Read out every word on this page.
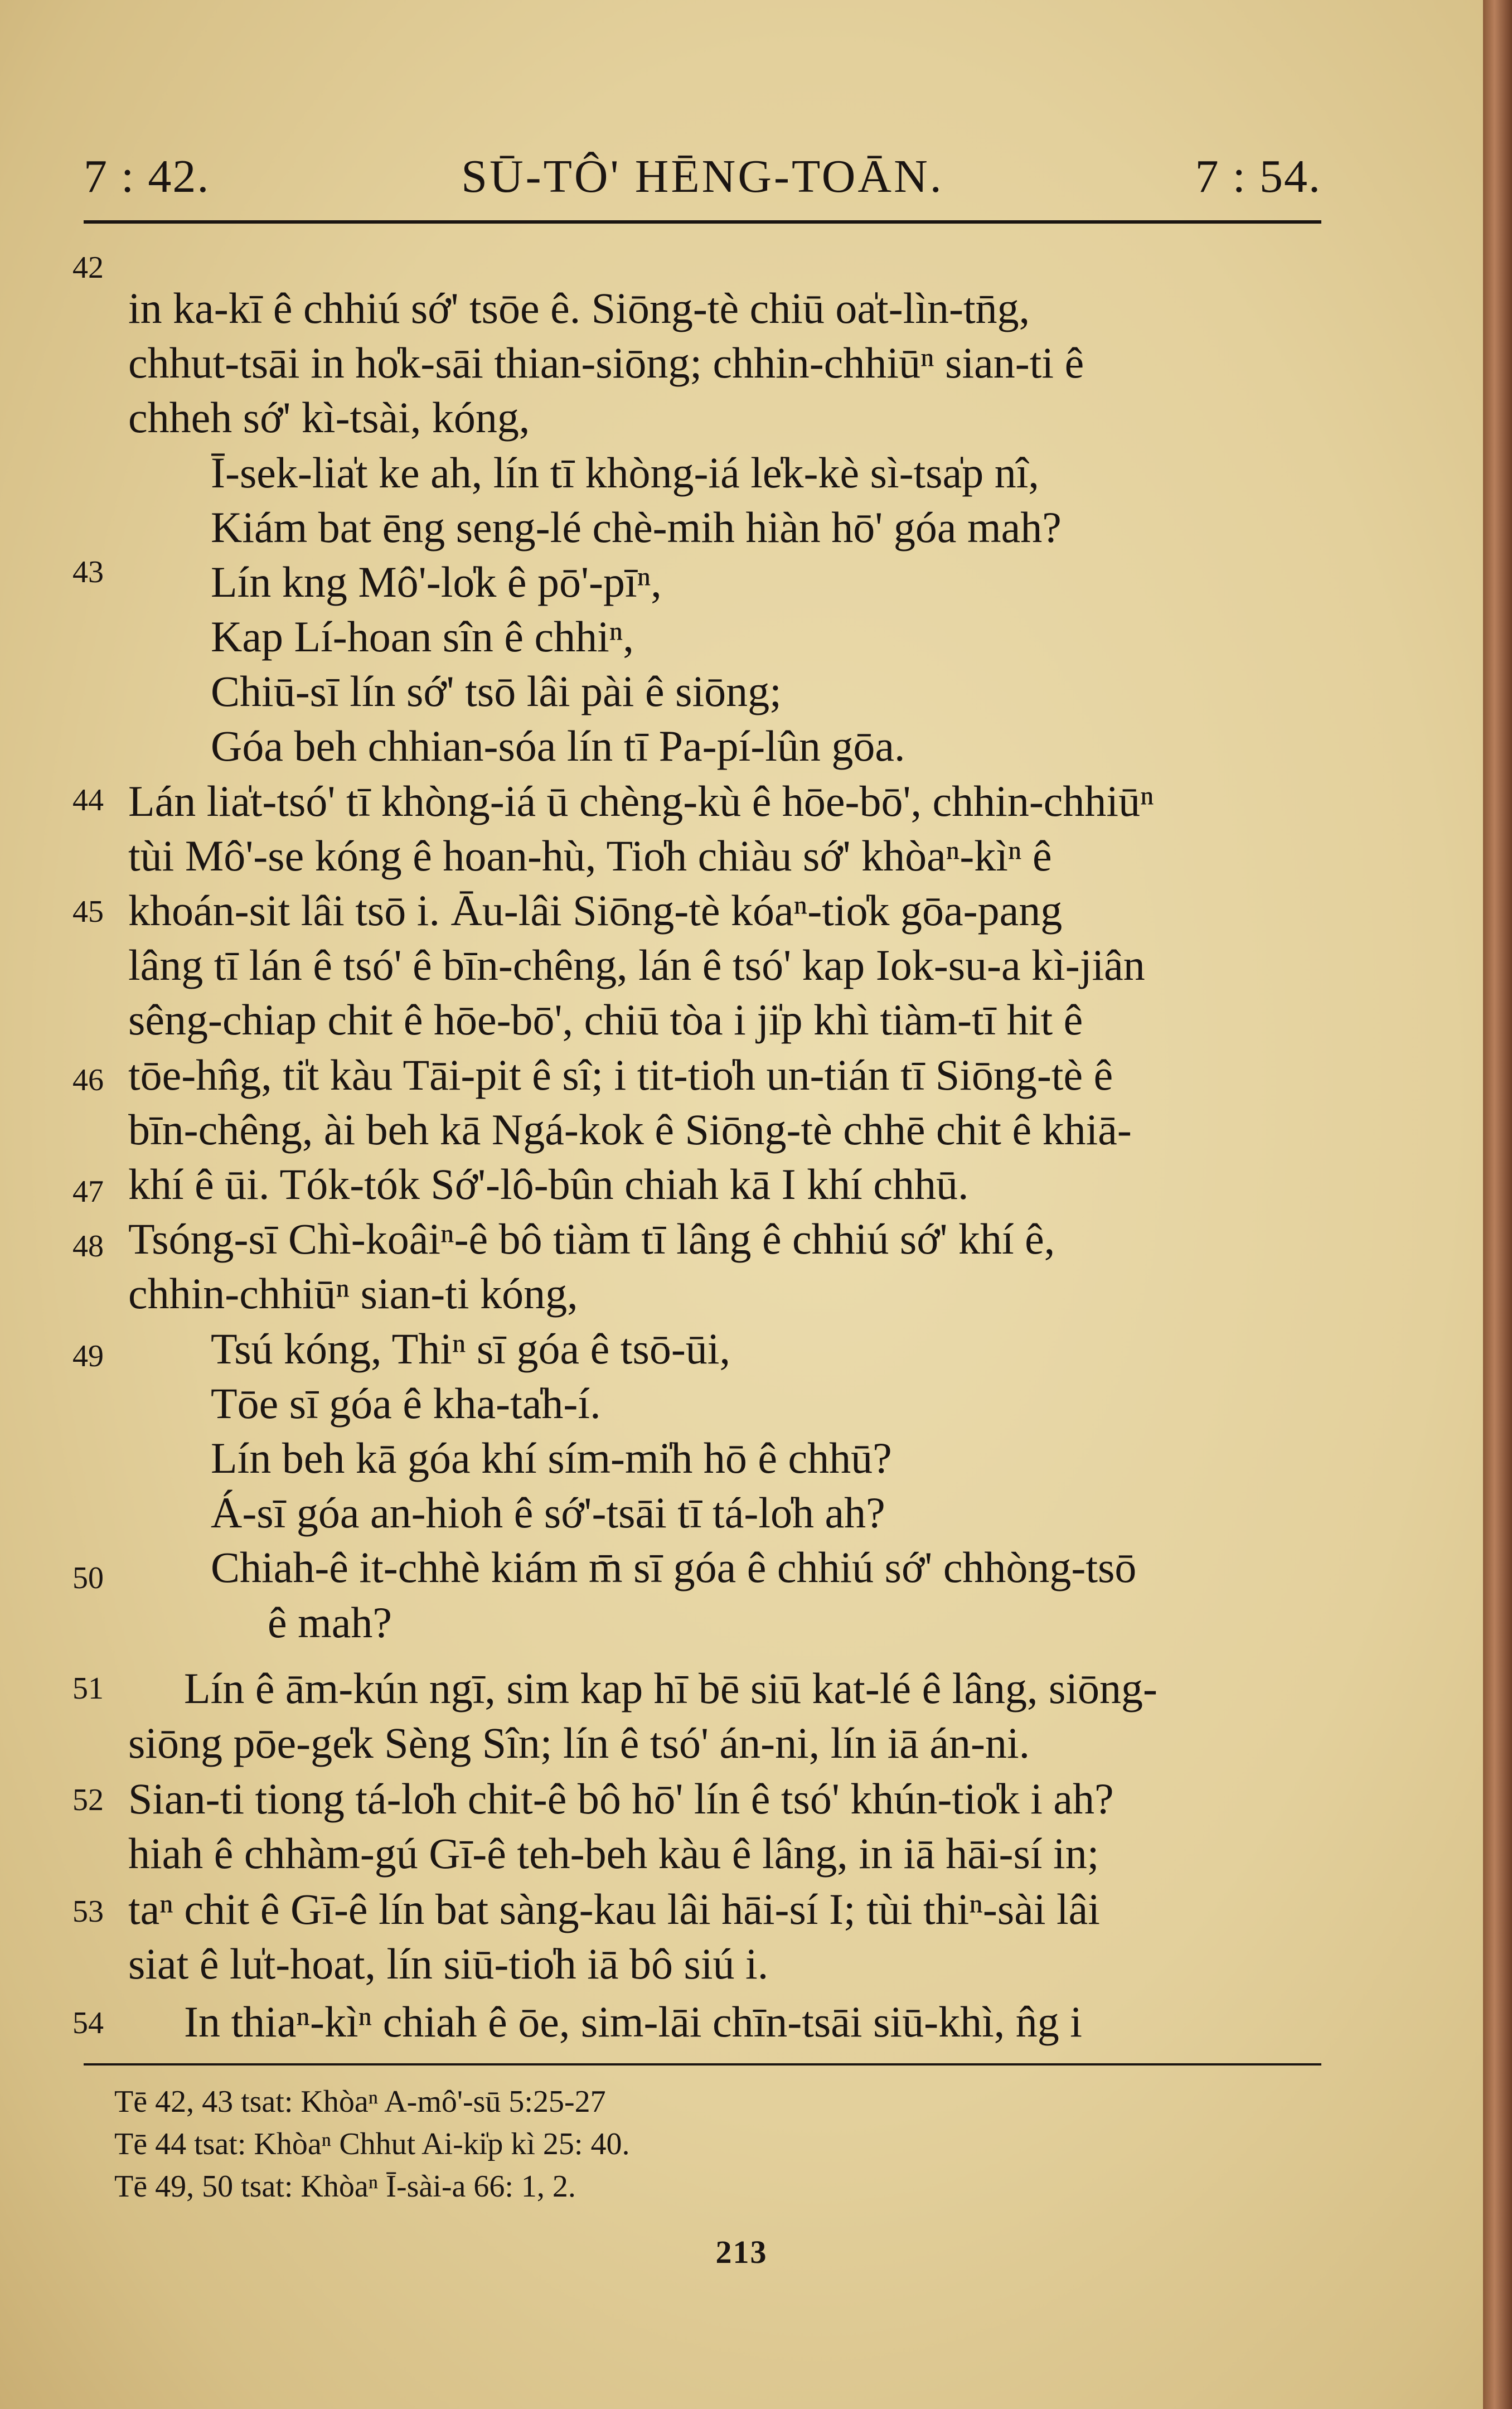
7 : 42.	SŪ-TÔ' HĒNG-TOĀN.	7 : 54.
42
43
44
45
46
47
48
49
50
51
52
53
54
in ka-kī ê chhiú sớ' tsōe ê. Siōng-tè chiū oa̍t-lìn-tn̄g,
chhut-tsāi in ho̍k-sāi thian-siōng; chhin-chhiūⁿ sian-ti ê
chheh sớ' kì-tsài, kóng,
Ī-sek-lia̍t ke ah, lín tī khòng-iá le̍k-kè sì-tsa̍p nî,
Kiám bat ēng seng-lé chè-mih hiàn hō' góa mah?
Lín kng Mô'-lo̍k ê pō'-pīⁿ,
Kap Lí-hoan sîn ê chhiⁿ,
Chiū-sī lín sớ' tsō lâi pài ê siōng;
Góa beh chhian-sóa lín tī Pa-pí-lûn gōa.
Lán lia̍t-tsó' tī khòng-iá ū chèng-kù ê hōe-bō', chhin-chhiūⁿ
tùi Mô'-se kóng ê hoan-hù, Tio̍h chiàu sớ' khòaⁿ-kìⁿ ê
khoán-sit lâi tsō i. Āu-lâi Siōng-tè kóaⁿ-tio̍k gōa-pang
lâng tī lán ê tsó' ê bīn-chêng, lán ê tsó' kap Iok-su-a kì-jiân
sêng-chiap chit ê hōe-bō', chiū tòa i ji̍p khì tiàm-tī hit ê
tōe-hn̂g, ti̍t kàu Tāi-pit ê sî; i tit-tio̍h un-tián tī Siōng-tè ê
bīn-chêng, ài beh kā Ngá-kok ê Siōng-tè chhē chit ê khiā-
khí ê ūi. Tók-tók Sớ'-lô-bûn chiah kā I khí chhū.
Tsóng-sī Chì-koâiⁿ-ê bô tiàm tī lâng ê chhiú sớ' khí ê,
chhin-chhiūⁿ sian-ti kóng,
Tsú kóng, Thiⁿ sī góa ê tsō-ūi,
Tōe sī góa ê kha-ta̍h-í.
Lín beh kā góa khí sím-mi̍h hō ê chhū?
Á-sī góa an-hioh ê sớ'-tsāi tī tá-lo̍h ah?
Chiah-ê it-chhè kiám m̄ sī góa ê chhiú sớ' chhòng-tsō
ê mah?
Lín ê ām-kún ngī, sim kap hī bē siū kat-lé ê lâng, siōng-
siōng pōe-ge̍k Sèng Sîn; lín ê tsó' án-ni, lín iā án-ni.
Sian-ti tiong tá-lo̍h chit-ê bô hō' lín ê tsó' khún-tio̍k i ah?
hiah ê chhàm-gú Gī-ê teh-beh kàu ê lâng, in iā hāi-sí in;
taⁿ chit ê Gī-ê lín bat sàng-kau lâi hāi-sí I; tùi thiⁿ-sài lâi
siat ê lu̍t-hoat, lín siū-tio̍h iā bô siú i.
In thiaⁿ-kìⁿ chiah ê ōe, sim-lāi chīn-tsāi siū-khì, n̂g i
Tē 42, 43 tsat: Khòaⁿ A-mô'-sū 5:25-27
Tē 44 tsat: Khòaⁿ Chhut Ai-ki̍p kì 25: 40.
Tē 49, 50 tsat: Khòaⁿ Ī-sài-a 66: 1, 2.
213
